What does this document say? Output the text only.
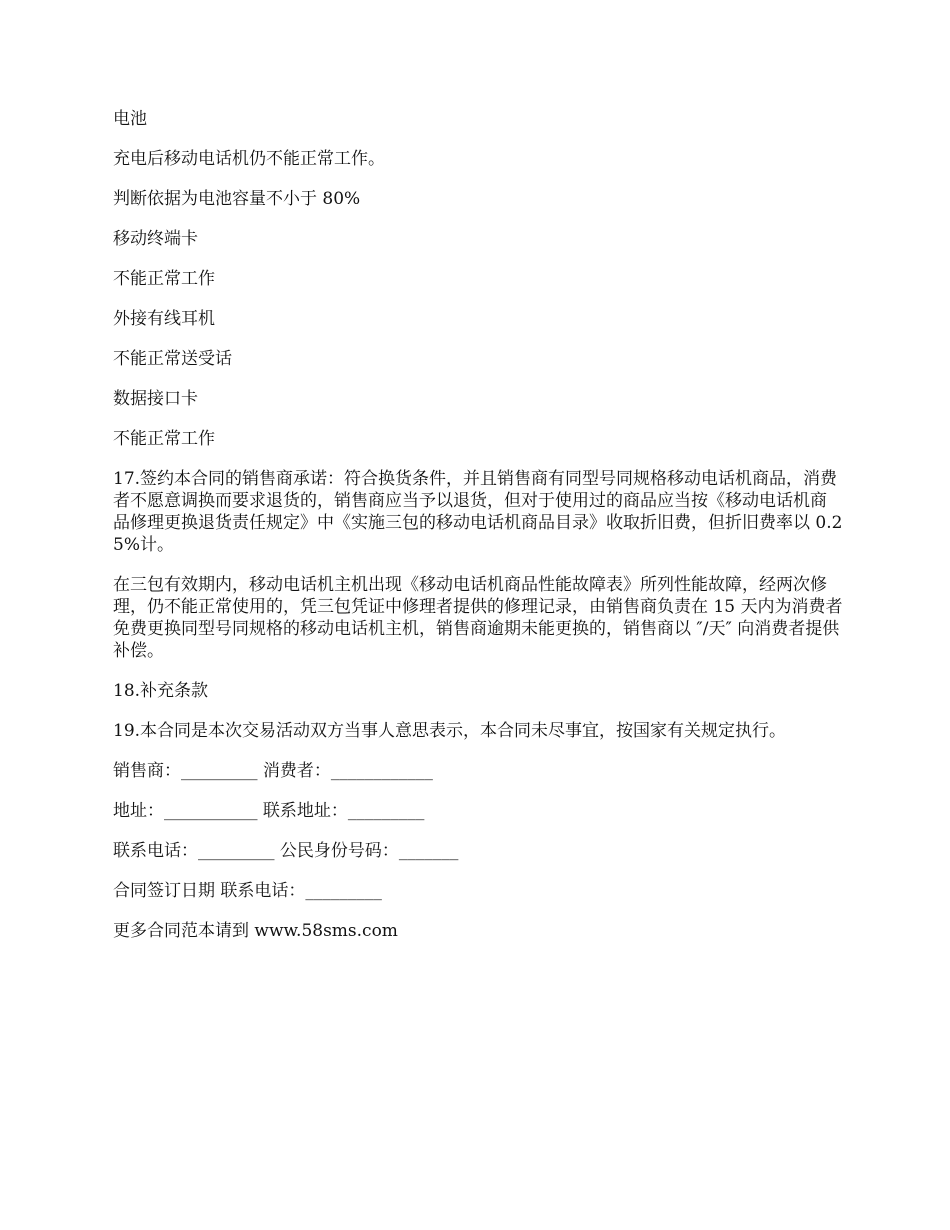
电池

充电后移动电话机仍不能正常工作。

判断依据为电池容量不小于 80%

移动终端卡

不能正常工作

外接有线耳机

不能正常送受话

数据接口卡

不能正常工作

17.签约本合同的销售商承诺：符合换货条件，并且销售商有同型号同规格移动电话机商品，消费者不愿意调换而要求退货的，销售商应当予以退货，但对于使用过的商品应当按《移动电话机商品修理更换退货责任规定》中《实施三包的移动电话机商品目录》收取折旧费，但折旧费率以 0.25%计。

在三包有效期内，移动电话机主机出现《移动电话机商品性能故障表》所列性能故障，经两次修理，仍不能正常使用的，凭三包凭证中修理者提供的修理记录，由销售商负责在 15 天内为消费者免费更换同型号同规格的移动电话机主机，销售商逾期未能更换的，销售商以 ″/天″ 向消费者提供补偿。

18.补充条款

19.本合同是本次交易活动双方当事人意思表示，本合同未尽事宜，按国家有关规定执行。

销售商：_________ 消费者：____________

地址：___________ 联系地址：_________

联系电话：_________ 公民身份号码：_______

合同签订日期 联系电话：_________

更多合同范本请到 www.58sms.com
